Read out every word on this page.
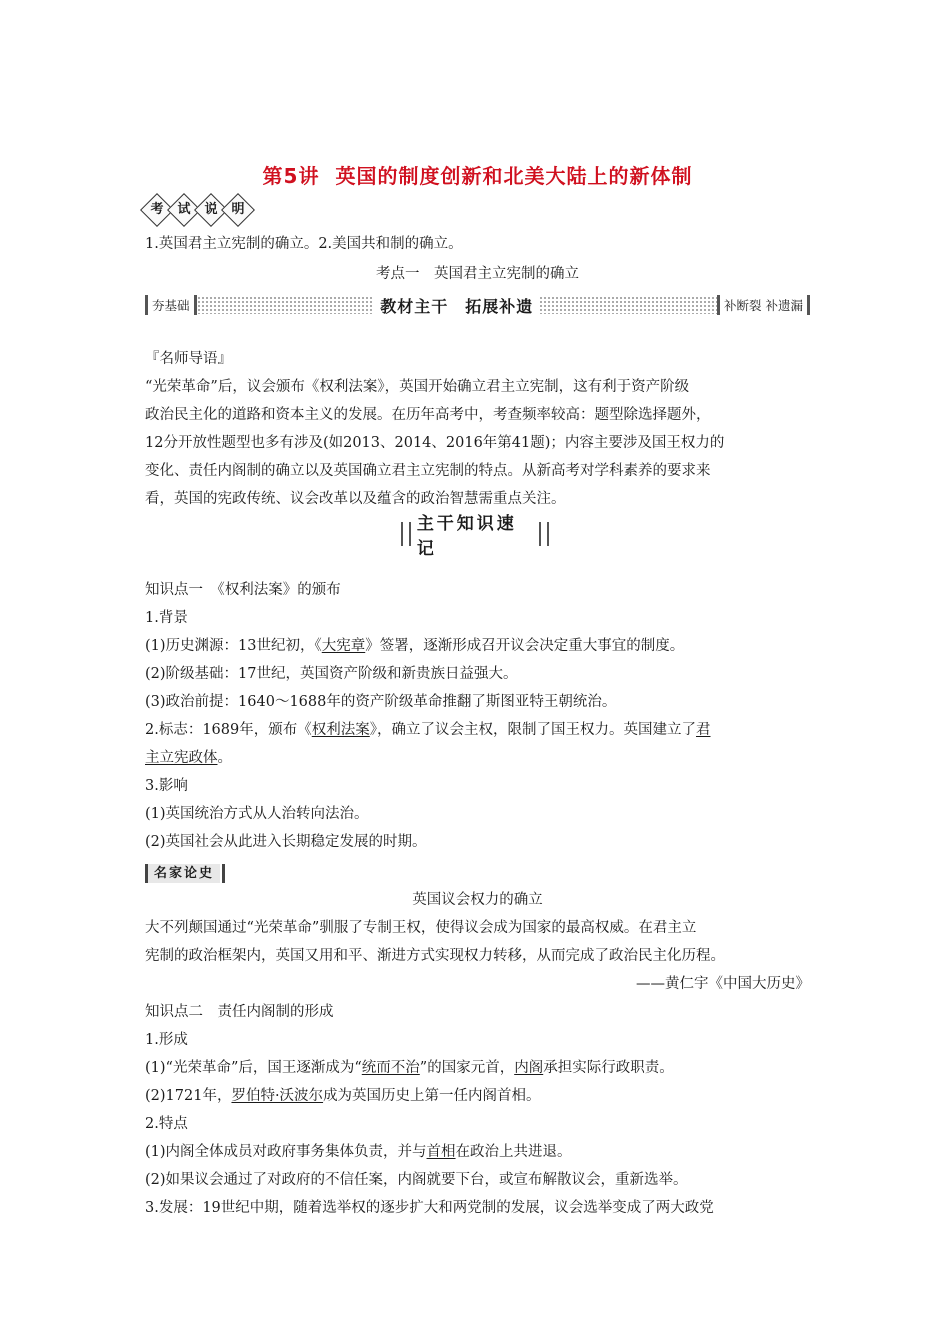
第5讲 英国的制度创新和北美大陆上的新体制
考	试	说	明
1.英国君主立宪制的确立。2.美国共和制的确立。
考点一　英国君主立宪制的确立
夯基础	教材主干　拓展补遗	补断裂 补遗漏
『名师导语』
“光荣革命”后，议会颁布《权利法案》，英国开始确立君主立宪制，这有利于资产阶级
政治民主化的道路和资本主义的发展。在历年高考中，考查频率较高：题型除选择题外，
12分开放性题型也多有涉及(如2013、2014、2016年第41题)；内容主要涉及国王权力的
变化、责任内阁制的确立以及英国确立君主立宪制的特点。从新高考对学科素养的要求来
看，英国的宪政传统、议会改革以及蕴含的政治智慧需重点关注。
主干知识速记
知识点一　《权利法案》的颁布
1.背景
(1)历史渊源：13世纪初，《大宪章》签署，逐渐形成召开议会决定重大事宜的制度。
(2)阶级基础：17世纪，英国资产阶级和新贵族日益强大。
(3)政治前提：1640～1688年的资产阶级革命推翻了斯图亚特王朝统治。
2.标志：1689年，颁布《权利法案》，确立了议会主权，限制了国王权力。英国建立了君
主立宪政体。
3.影响
(1)英国统治方式从人治转向法治。
(2)英国社会从此进入长期稳定发展的时期。
名家论史
英国议会权力的确立
大不列颠国通过“光荣革命”驯服了专制王权，使得议会成为国家的最高权威。在君主立
宪制的政治框架内，英国又用和平、渐进方式实现权力转移，从而完成了政治民主化历程。
——黄仁宇《中国大历史》
知识点二　责任内阁制的形成
1.形成
(1)“光荣革命”后，国王逐渐成为“统而不治”的国家元首，内阁承担实际行政职责。
(2)1721年，罗伯特·沃波尔成为英国历史上第一任内阁首相。
2.特点
(1)内阁全体成员对政府事务集体负责，并与首相在政治上共进退。
(2)如果议会通过了对政府的不信任案，内阁就要下台，或宣布解散议会，重新选举。
3.发展：19世纪中期，随着选举权的逐步扩大和两党制的发展，议会选举变成了两大政党
